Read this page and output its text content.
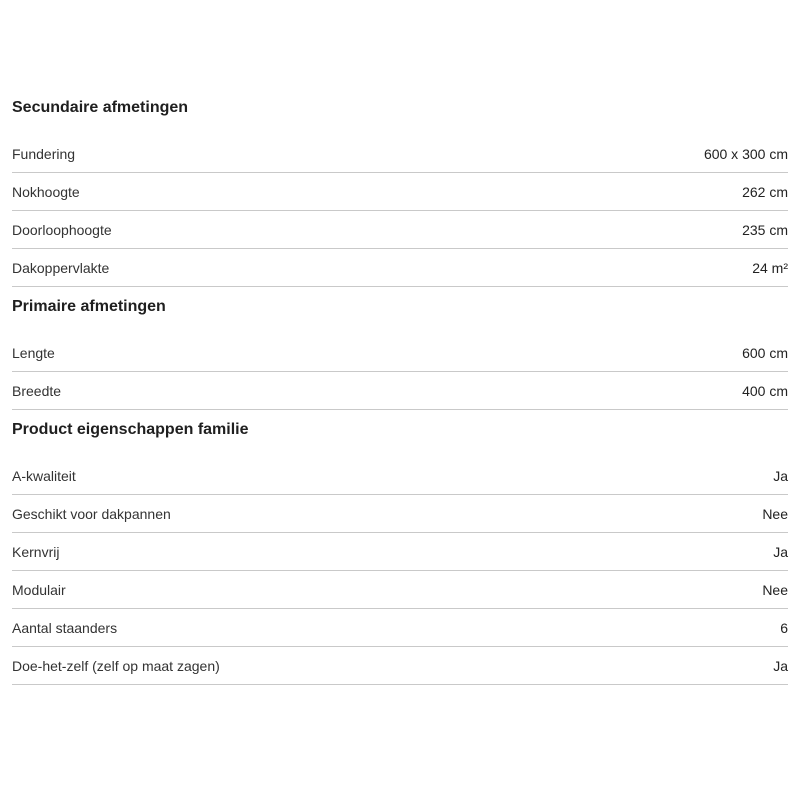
Secundaire afmetingen
Fundering	600 x 300 cm
Nokhoogte	262 cm
Doorloophoogte	235 cm
Dakoppervlakte	24 m²
Primaire afmetingen
Lengte	600 cm
Breedte	400 cm
Product eigenschappen familie
A-kwaliteit	Ja
Geschikt voor dakpannen	Nee
Kernvrij	Ja
Modulair	Nee
Aantal staanders	6
Doe-het-zelf (zelf op maat zagen)	Ja
